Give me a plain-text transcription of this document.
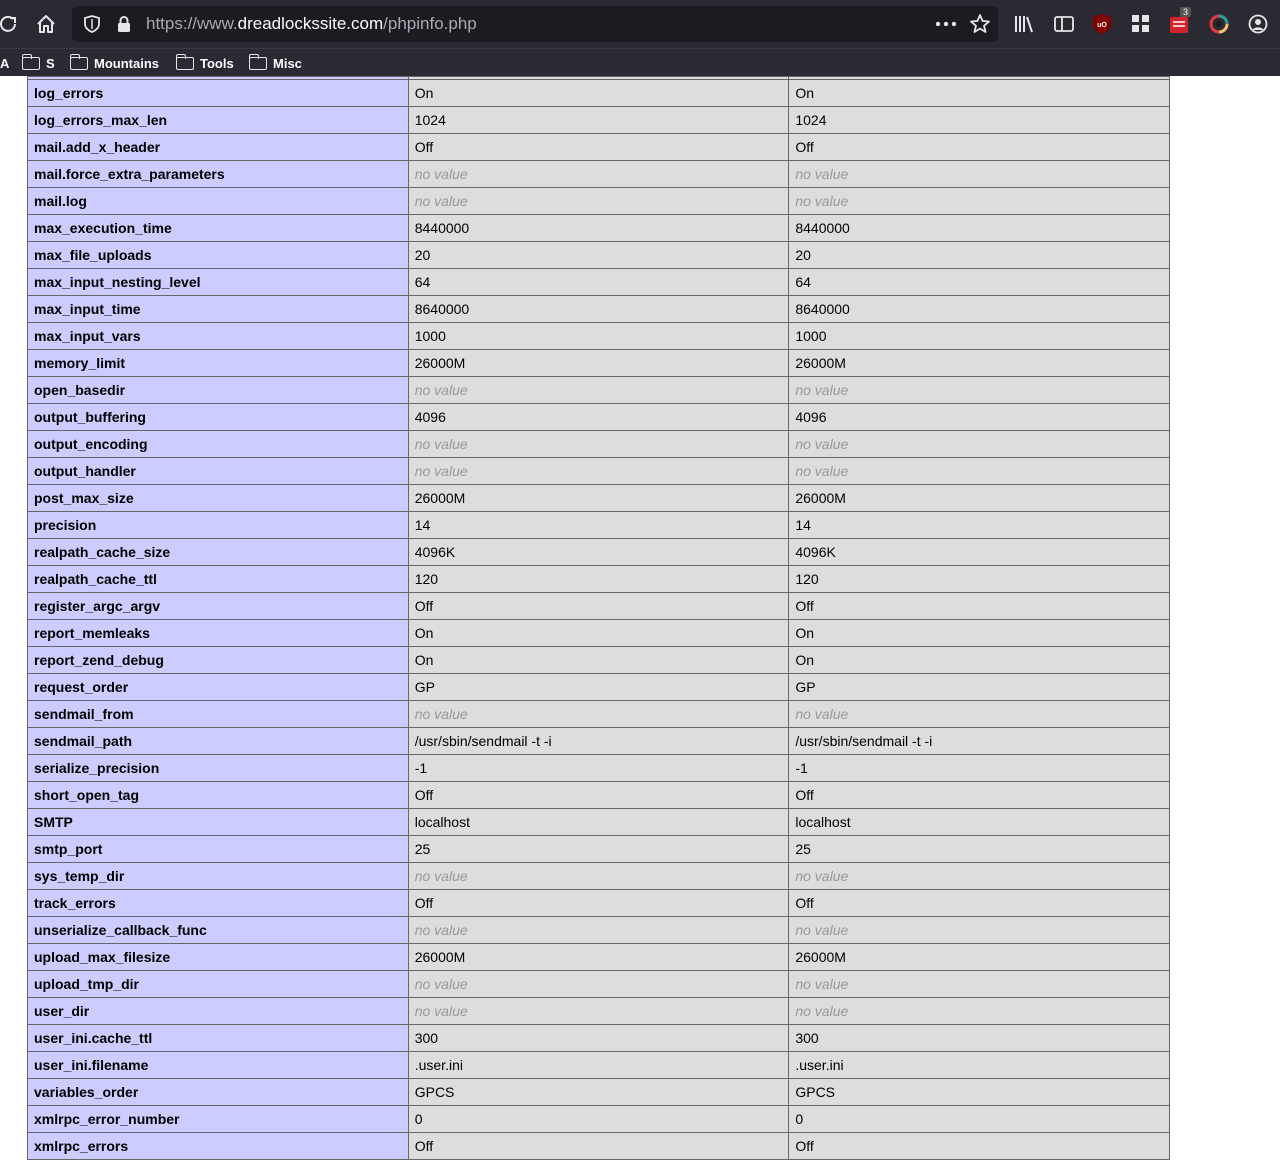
https://www.dreadlockssite.com/phpinfo.php	uO
3
A	S	Mountains	Tools	Misc

log_errors	On	On
log_errors_max_len	1024	1024
mail.add_x_header	Off	Off
mail.force_extra_parameters	no value	no value
mail.log	no value	no value
max_execution_time	8440000	8440000
max_file_uploads	20	20
max_input_nesting_level	64	64
max_input_time	8640000	8640000
max_input_vars	1000	1000
memory_limit	26000M	26000M
open_basedir	no value	no value
output_buffering	4096	4096
output_encoding	no value	no value
output_handler	no value	no value
post_max_size	26000M	26000M
precision	14	14
realpath_cache_size	4096K	4096K
realpath_cache_ttl	120	120
register_argc_argv	Off	Off
report_memleaks	On	On
report_zend_debug	On	On
request_order	GP	GP
sendmail_from	no value	no value
sendmail_path	/usr/sbin/sendmail -t -i	/usr/sbin/sendmail -t -i
serialize_precision	-1	-1
short_open_tag	Off	Off
SMTP	localhost	localhost
smtp_port	25	25
sys_temp_dir	no value	no value
track_errors	Off	Off
unserialize_callback_func	no value	no value
upload_max_filesize	26000M	26000M
upload_tmp_dir	no value	no value
user_dir	no value	no value
user_ini.cache_ttl	300	300
user_ini.filename	.user.ini	.user.ini
variables_order	GPCS	GPCS
xmlrpc_error_number	0	0
xmlrpc_errors	Off	Off
